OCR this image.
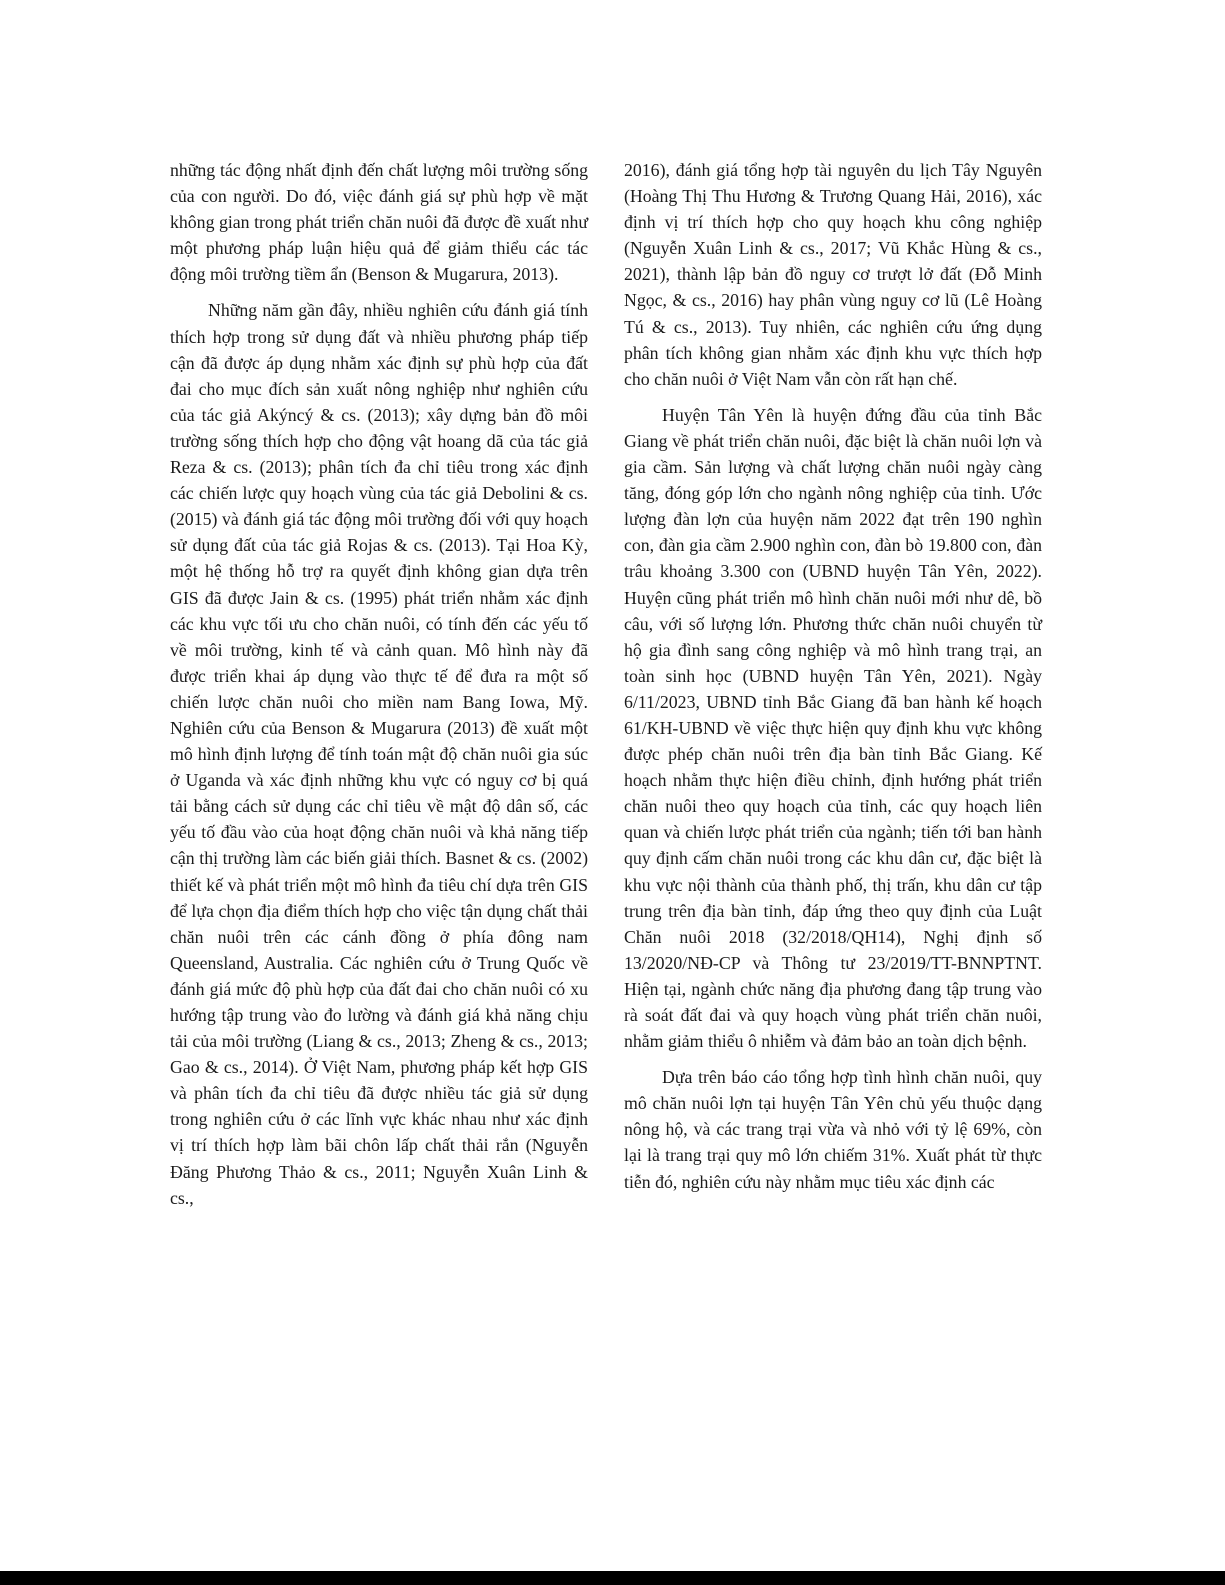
những tác động nhất định đến chất lượng môi trường sống của con người. Do đó, việc đánh giá sự phù hợp về mặt không gian trong phát triển chăn nuôi đã được đề xuất như một phương pháp luận hiệu quả để giảm thiểu các tác động môi trường tiềm ẩn (Benson & Mugarura, 2013).

Những năm gần đây, nhiều nghiên cứu đánh giá tính thích hợp trong sử dụng đất và nhiều phương pháp tiếp cận đã được áp dụng nhằm xác định sự phù hợp của đất đai cho mục đích sản xuất nông nghiệp như nghiên cứu của tác giả Akýncý & cs. (2013); xây dựng bản đồ môi trường sống thích hợp cho động vật hoang dã của tác giả Reza & cs. (2013); phân tích đa chỉ tiêu trong xác định các chiến lược quy hoạch vùng của tác giả Debolini & cs. (2015) và đánh giá tác động môi trường đối với quy hoạch sử dụng đất của tác giả Rojas & cs. (2013). Tại Hoa Kỳ, một hệ thống hỗ trợ ra quyết định không gian dựa trên GIS đã được Jain & cs. (1995) phát triển nhằm xác định các khu vực tối ưu cho chăn nuôi, có tính đến các yếu tố về môi trường, kinh tế và cảnh quan. Mô hình này đã được triển khai áp dụng vào thực tế để đưa ra một số chiến lược chăn nuôi cho miền nam Bang Iowa, Mỹ. Nghiên cứu của Benson & Mugarura (2013) đề xuất một mô hình định lượng để tính toán mật độ chăn nuôi gia súc ở Uganda và xác định những khu vực có nguy cơ bị quá tải bằng cách sử dụng các chỉ tiêu về mật độ dân số, các yếu tố đầu vào của hoạt động chăn nuôi và khả năng tiếp cận thị trường làm các biến giải thích. Basnet & cs. (2002) thiết kế và phát triển một mô hình đa tiêu chí dựa trên GIS để lựa chọn địa điểm thích hợp cho việc tận dụng chất thải chăn nuôi trên các cánh đồng ở phía đông nam Queensland, Australia. Các nghiên cứu ở Trung Quốc về đánh giá mức độ phù hợp của đất đai cho chăn nuôi có xu hướng tập trung vào đo lường và đánh giá khả năng chịu tải của môi trường (Liang & cs., 2013; Zheng & cs., 2013; Gao & cs., 2014). Ở Việt Nam, phương pháp kết hợp GIS và phân tích đa chỉ tiêu đã được nhiều tác giả sử dụng trong nghiên cứu ở các lĩnh vực khác nhau như xác định vị trí thích hợp làm bãi chôn lấp chất thải rắn (Nguyễn Đăng Phương Thảo & cs., 2011; Nguyễn Xuân Linh & cs.,

2016), đánh giá tổng hợp tài nguyên du lịch Tây Nguyên (Hoàng Thị Thu Hương & Trương Quang Hải, 2016), xác định vị trí thích hợp cho quy hoạch khu công nghiệp (Nguyễn Xuân Linh & cs., 2017; Vũ Khắc Hùng & cs., 2021), thành lập bản đồ nguy cơ trượt lở đất (Đỗ Minh Ngọc, & cs., 2016) hay phân vùng nguy cơ lũ (Lê Hoàng Tú & cs., 2013). Tuy nhiên, các nghiên cứu ứng dụng phân tích không gian nhằm xác định khu vực thích hợp cho chăn nuôi ở Việt Nam vẫn còn rất hạn chế.

Huyện Tân Yên là huyện đứng đầu của tỉnh Bắc Giang về phát triển chăn nuôi, đặc biệt là chăn nuôi lợn và gia cầm. Sản lượng và chất lượng chăn nuôi ngày càng tăng, đóng góp lớn cho ngành nông nghiệp của tỉnh. Ước lượng đàn lợn của huyện năm 2022 đạt trên 190 nghìn con, đàn gia cầm 2.900 nghìn con, đàn bò 19.800 con, đàn trâu khoảng 3.300 con (UBND huyện Tân Yên, 2022). Huyện cũng phát triển mô hình chăn nuôi mới như dê, bồ câu, với số lượng lớn. Phương thức chăn nuôi chuyển từ hộ gia đình sang công nghiệp và mô hình trang trại, an toàn sinh học (UBND huyện Tân Yên, 2021). Ngày 6/11/2023, UBND tỉnh Bắc Giang đã ban hành kế hoạch 61/KH-UBND về việc thực hiện quy định khu vực không được phép chăn nuôi trên địa bàn tỉnh Bắc Giang. Kế hoạch nhằm thực hiện điều chỉnh, định hướng phát triển chăn nuôi theo quy hoạch của tỉnh, các quy hoạch liên quan và chiến lược phát triển của ngành; tiến tới ban hành quy định cấm chăn nuôi trong các khu dân cư, đặc biệt là khu vực nội thành của thành phố, thị trấn, khu dân cư tập trung trên địa bàn tỉnh, đáp ứng theo quy định của Luật Chăn nuôi 2018 (32/2018/QH14), Nghị định số 13/2020/NĐ-CP và Thông tư 23/2019/TT-BNNPTNT. Hiện tại, ngành chức năng địa phương đang tập trung vào rà soát đất đai và quy hoạch vùng phát triển chăn nuôi, nhằm giảm thiểu ô nhiễm và đảm bảo an toàn dịch bệnh.

Dựa trên báo cáo tổng hợp tình hình chăn nuôi, quy mô chăn nuôi lợn tại huyện Tân Yên chủ yếu thuộc dạng nông hộ, và các trang trại vừa và nhỏ với tỷ lệ 69%, còn lại là trang trại quy mô lớn chiếm 31%. Xuất phát từ thực tiễn đó, nghiên cứu này nhằm mục tiêu xác định các
